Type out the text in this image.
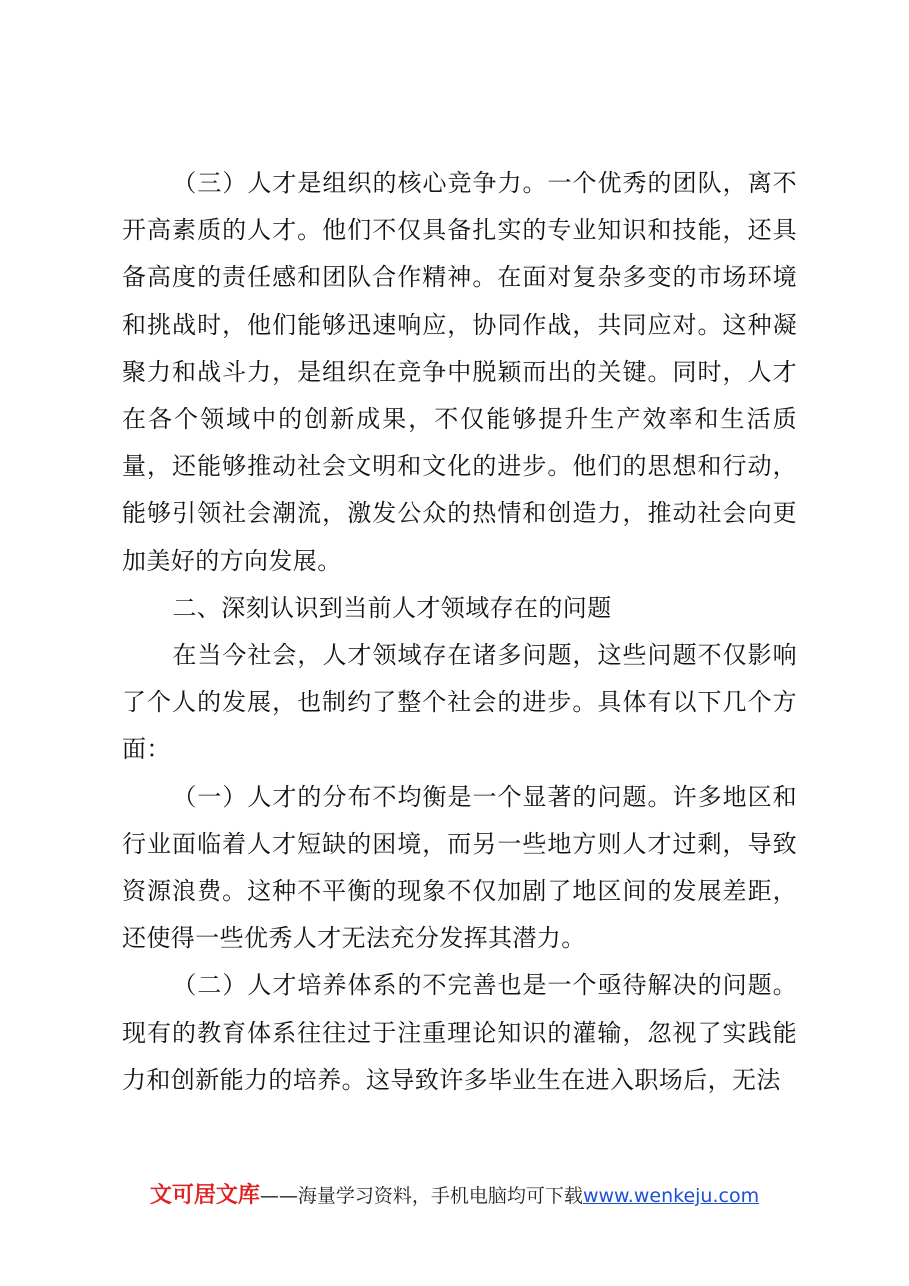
（三）人才是组织的核心竞争力。一个优秀的团队，离不开高素质的人才。他们不仅具备扎实的专业知识和技能，还具备高度的责任感和团队合作精神。在面对复杂多变的市场环境和挑战时，他们能够迅速响应，协同作战，共同应对。这种凝聚力和战斗力，是组织在竞争中脱颖而出的关键。同时，人才在各个领域中的创新成果，不仅能够提升生产效率和生活质量，还能够推动社会文明和文化的进步。他们的思想和行动，能够引领社会潮流，激发公众的热情和创造力，推动社会向更加美好的方向发展。

二、深刻认识到当前人才领域存在的问题

在当今社会，人才领域存在诸多问题，这些问题不仅影响了个人的发展，也制约了整个社会的进步。具体有以下几个方面：

（一）人才的分布不均衡是一个显著的问题。许多地区和行业面临着人才短缺的困境，而另一些地方则人才过剩，导致资源浪费。这种不平衡的现象不仅加剧了地区间的发展差距，还使得一些优秀人才无法充分发挥其潜力。

（二）人才培养体系的不完善也是一个亟待解决的问题。现有的教育体系往往过于注重理论知识的灌输，忽视了实践能力和创新能力的培养。这导致许多毕业生在进入职场后，无法

文可居文库——海量学习资料，手机电脑均可下载www.wenkeju.com
